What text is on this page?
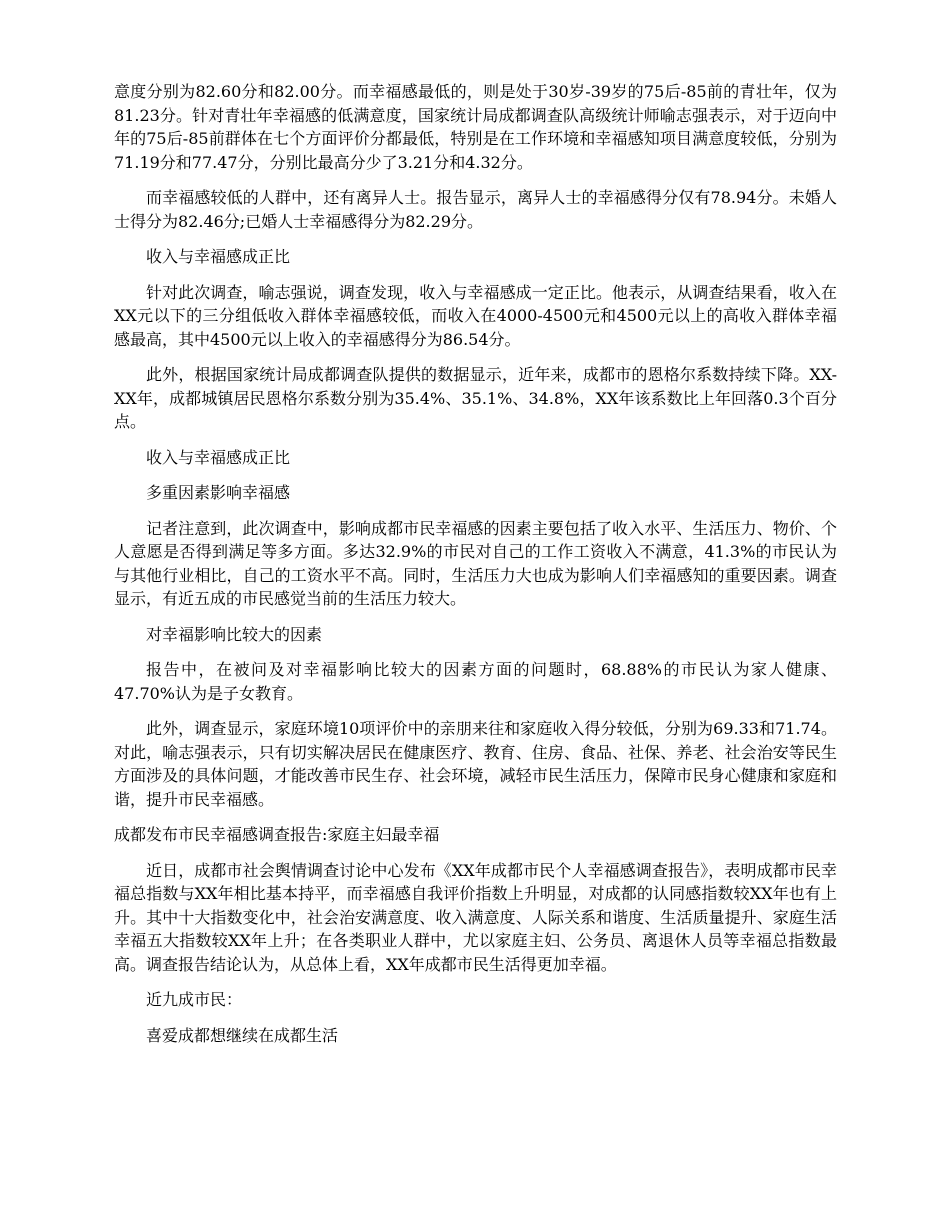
意度分别为82.60分和82.00分。而幸福感最低的，则是处于30岁-39岁的75后-85前的青壮年，仅为81.23分。针对青壮年幸福感的低满意度，国家统计局成都调查队高级统计师喻志强表示，对于迈向中年的75后-85前群体在七个方面评价分都最低，特别是在工作环境和幸福感知项目满意度较低，分别为71.19分和77.47分，分别比最高分少了3.21分和4.32分。

而幸福感较低的人群中，还有离异人士。报告显示，离异人士的幸福感得分仅有78.94分。未婚人士得分为82.46分;已婚人士幸福感得分为82.29分。

收入与幸福感成正比

针对此次调查，喻志强说，调查发现，收入与幸福感成一定正比。他表示，从调查结果看，收入在XX元以下的三分组低收入群体幸福感较低，而收入在4000-4500元和4500元以上的高收入群体幸福感最高，其中4500元以上收入的幸福感得分为86.54分。

此外，根据国家统计局成都调查队提供的数据显示，近年来，成都市的恩格尔系数持续下降。XX-XX年，成都城镇居民恩格尔系数分别为35.4%、35.1%、34.8%，XX年该系数比上年回落0.3个百分点。

收入与幸福感成正比

多重因素影响幸福感

记者注意到，此次调查中，影响成都市民幸福感的因素主要包括了收入水平、生活压力、物价、个人意愿是否得到满足等多方面。多达32.9%的市民对自己的工作工资收入不满意，41.3%的市民认为与其他行业相比，自己的工资水平不高。同时，生活压力大也成为影响人们幸福感知的重要因素。调查显示，有近五成的市民感觉当前的生活压力较大。

对幸福影响比较大的因素

报告中，在被问及对幸福影响比较大的因素方面的问题时，68.88%的市民认为家人健康、47.70%认为是子女教育。

此外，调查显示，家庭环境10项评价中的亲朋来往和家庭收入得分较低，分别为69.33和71.74。对此，喻志强表示，只有切实解决居民在健康医疗、教育、住房、食品、社保、养老、社会治安等民生方面涉及的具体问题，才能改善市民生存、社会环境，减轻市民生活压力，保障市民身心健康和家庭和谐，提升市民幸福感。

成都发布市民幸福感调查报告:家庭主妇最幸福

近日，成都市社会舆情调查讨论中心发布《XX年成都市民个人幸福感调查报告》，表明成都市民幸福总指数与XX年相比基本持平，而幸福感自我评价指数上升明显，对成都的认同感指数较XX年也有上升。其中十大指数变化中，社会治安满意度、收入满意度、人际关系和谐度、生活质量提升、家庭生活幸福五大指数较XX年上升；在各类职业人群中，尤以家庭主妇、公务员、离退休人员等幸福总指数最高。调查报告结论认为，从总体上看，XX年成都市民生活得更加幸福。

近九成市民：

喜爱成都想继续在成都生活
